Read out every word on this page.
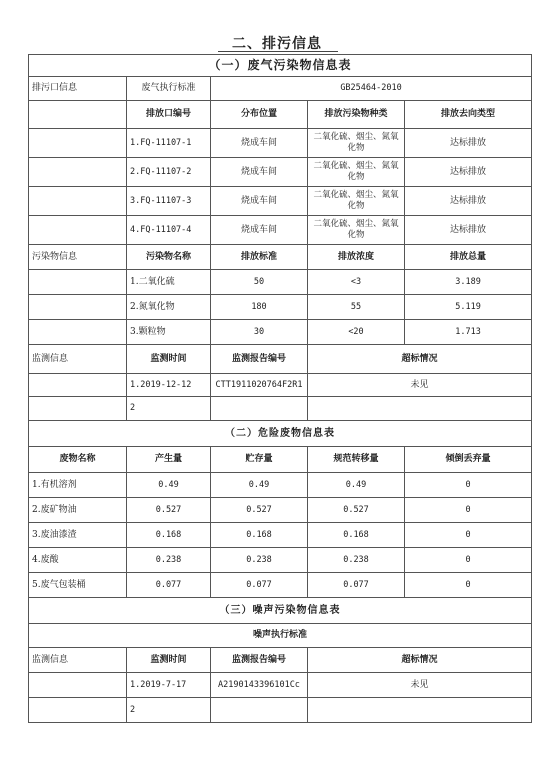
二、排污信息
（一）废气污染物信息表				
排污口信息	废气执行标准	GB25464-2010		
	排放口编号	分布位置	排放污染物种类	排放去向类型
	1.FQ-11107-1	烧成车间	二氧化硫、烟尘、氮氧化物	达标排放
	2.FQ-11107-2	烧成车间	二氧化硫、烟尘、氮氧化物	达标排放
	3.FQ-11107-3	烧成车间	二氧化硫、烟尘、氮氧化物	达标排放
	4.FQ-11107-4	烧成车间	二氧化硫、烟尘、氮氧化物	达标排放
污染物信息	污染物名称	排放标准	排放浓度	排放总量
	1.二氧化硫	50	<3	3.189
	2.氮氧化物	180	55	5.119
	3.颗粒物	30	<20	1.713
监测信息	监测时间	监测报告编号	超标情况	
	1.2019-12-12	CTT1911020764F2R1	未见	
	2			
（二）危险废物信息表				
废物名称	产生量	贮存量	规范转移量	倾倒丢弃量
1.有机溶剂	0.49	0.49	0.49	0
2.废矿物油	0.527	0.527	0.527	0
3.废油漆渣	0.168	0.168	0.168	0
4.废酸	0.238	0.238	0.238	0
5.废气包装桶	0.077	0.077	0.077	0
（三）噪声污染物信息表				
噪声执行标准				
监测信息	监测时间	监测报告编号	超标情况	
	1.2019-7-17	A2190143396101Cc	未见	
	2			
